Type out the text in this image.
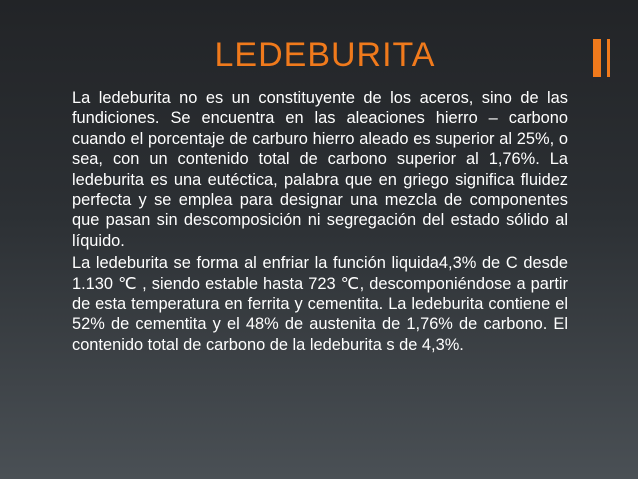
LEDEBURITA

La ledeburita no es un constituyente de los aceros, sino de las fundiciones. Se encuentra en las aleaciones hierro – carbono cuando el porcentaje de carburo hierro aleado es superior al 25%, o sea, con un contenido total de carbono superior al 1,76%. La ledeburita es una eutéctica, palabra que en griego significa fluidez perfecta y se emplea para designar una mezcla de componentes que pasan sin descomposición ni segregación del estado sólido al líquido.

La ledeburita se forma al enfriar la función liquida4,3% de C desde 1.130 ℃ , siendo estable hasta 723 ℃, descomponiéndose a partir de esta temperatura en ferrita y cementita. La ledeburita contiene el 52% de cementita y el 48% de austenita de 1,76% de carbono. El contenido total de carbono de la ledeburita s de 4,3%.
